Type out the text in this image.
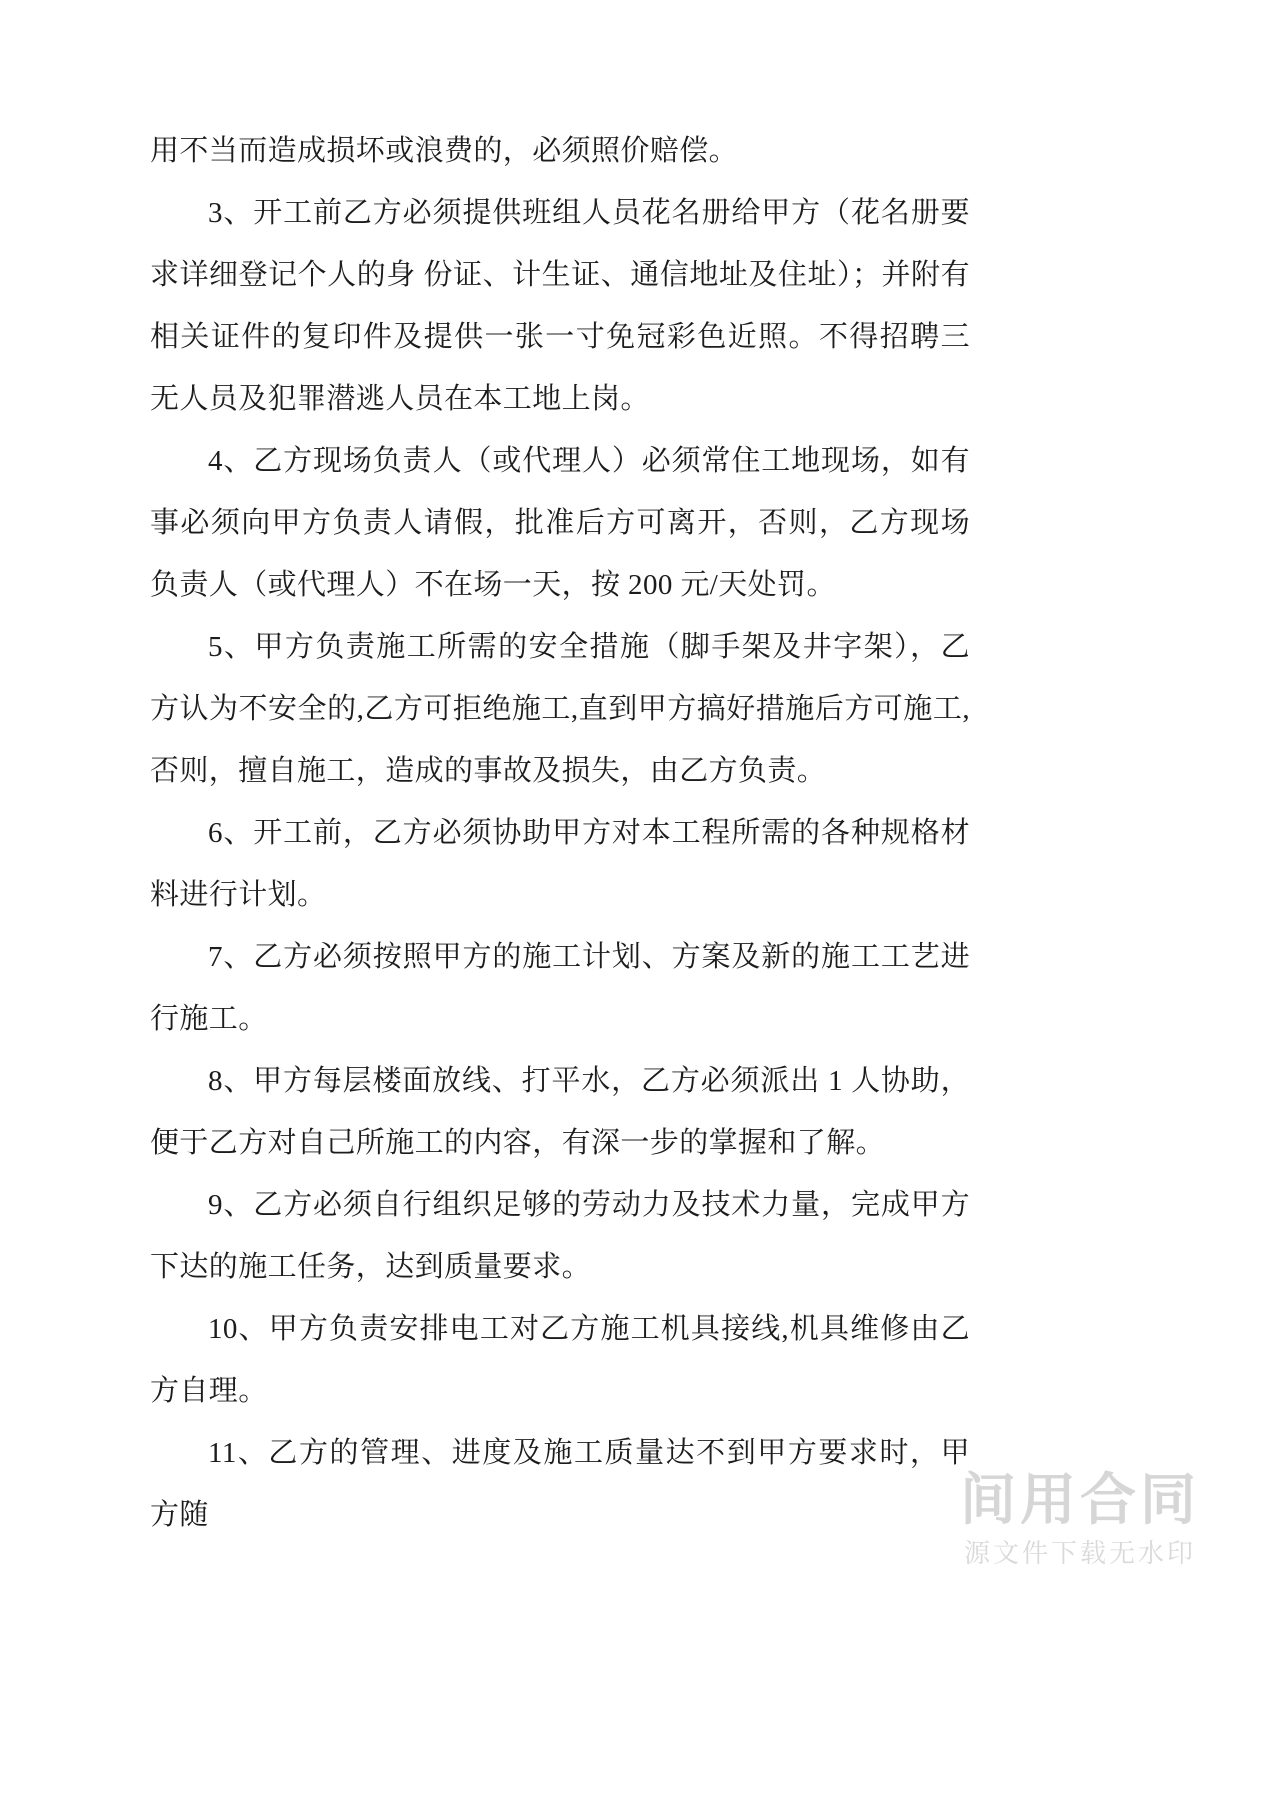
用不当而造成损坏或浪费的，必须照价赔偿。

3、开工前乙方必须提供班组人员花名册给甲方（花名册要求详细登记个人的身 份证、计生证、通信地址及住址）；并附有相关证件的复印件及提供一张一寸免冠彩色近照。不得招聘三无人员及犯罪潜逃人员在本工地上岗。

4、乙方现场负责人（或代理人）必须常住工地现场，如有事必须向甲方负责人请假，批准后方可离开，否则，乙方现场负责人（或代理人）不在场一天，按 200 元/天处罚。

5、甲方负责施工所需的安全措施（脚手架及井字架），乙方认为不安全的,乙方可拒绝施工,直到甲方搞好措施后方可施工,否则，擅自施工，造成的事故及损失，由乙方负责。

6、开工前，乙方必须协助甲方对本工程所需的各种规格材料进行计划。

7、乙方必须按照甲方的施工计划、方案及新的施工工艺进行施工。

8、甲方每层楼面放线、打平水，乙方必须派出 1 人协助，便于乙方对自己所施工的内容，有深一步的掌握和了解。

9、乙方必须自行组织足够的劳动力及技术力量，完成甲方下达的施工任务，达到质量要求。

10、甲方负责安排电工对乙方施工机具接线,机具维修由乙方自理。

11、乙方的管理、进度及施工质量达不到甲方要求时，甲方随	间用合同
源文件下载无水印
